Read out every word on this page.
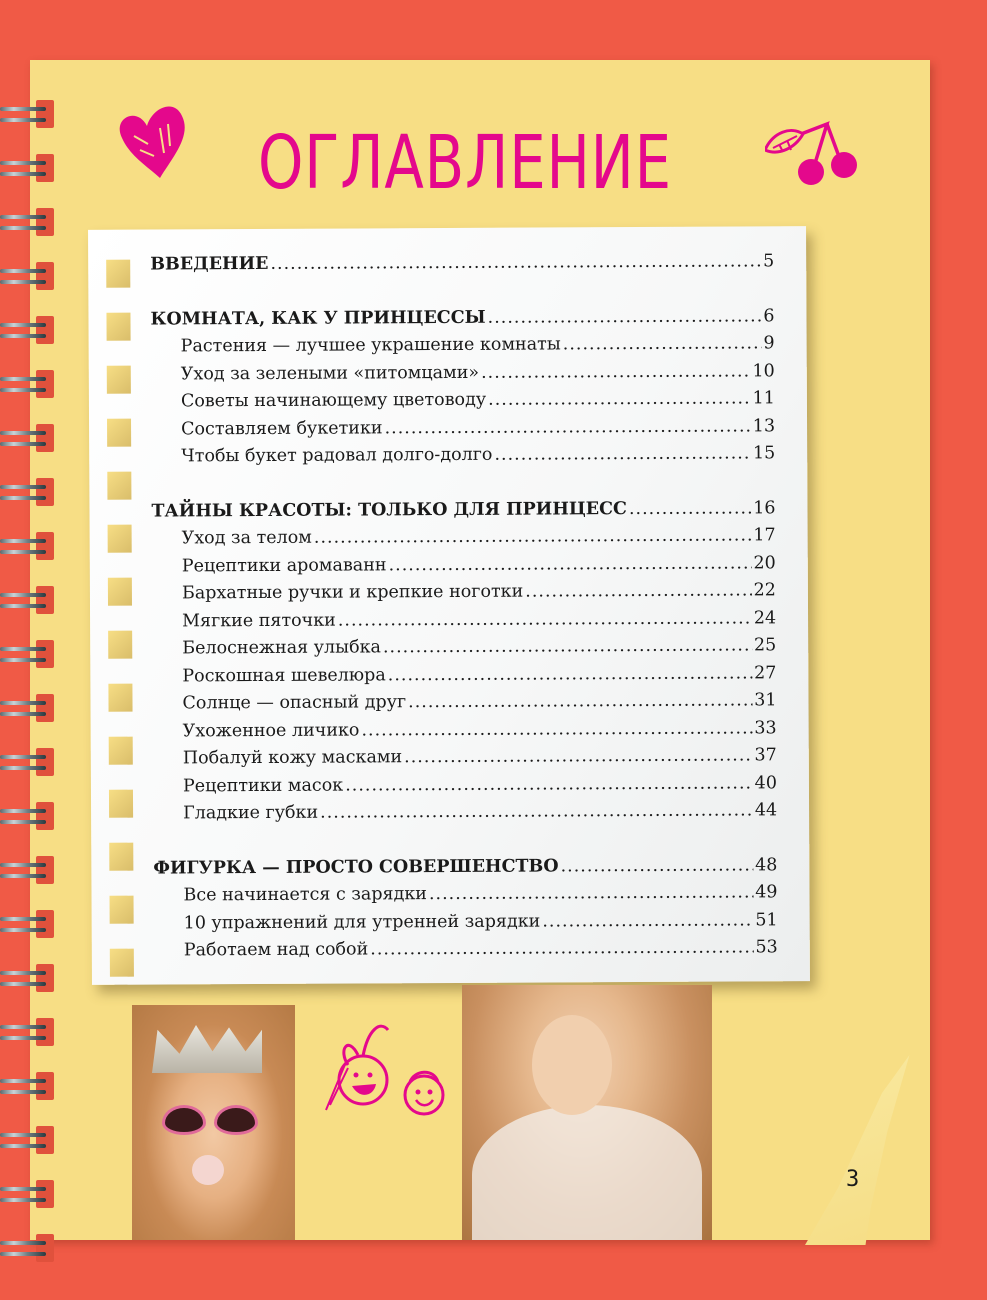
ОГЛАВЛЕНИЕ
ВВЕДЕНИЕ .....	5
КОМНАТА, КАК У ПРИНЦЕССЫ .....	6
Растения — лучшее украшение комнаты .....	9
Уход за зелеными «питомцами» .....	10
Советы начинающему цветоводу .....	11
Составляем букетики .....	13
Чтобы букет радовал долго-долго .....	15
ТАЙНЫ КРАСОТЫ: ТОЛЬКО ДЛЯ ПРИНЦЕСС .....	16
Уход за телом .....	17
Рецептики аромаванн .....	20
Бархатные ручки и крепкие ноготки .....	22
Мягкие пяточки .....	24
Белоснежная улыбка .....	25
Роскошная шевелюра .....	27
Солнце — опасный друг .....	31
Ухоженное личико .....	33
Побалуй кожу масками .....	37
Рецептики масок .....	40
Гладкие губки .....	44
ФИГУРКА — ПРОСТО СОВЕРШЕНСТВО .....	48
Все начинается с зарядки .....	49
10 упражнений для утренней зарядки .....	51
Работаем над собой .....	53
3
